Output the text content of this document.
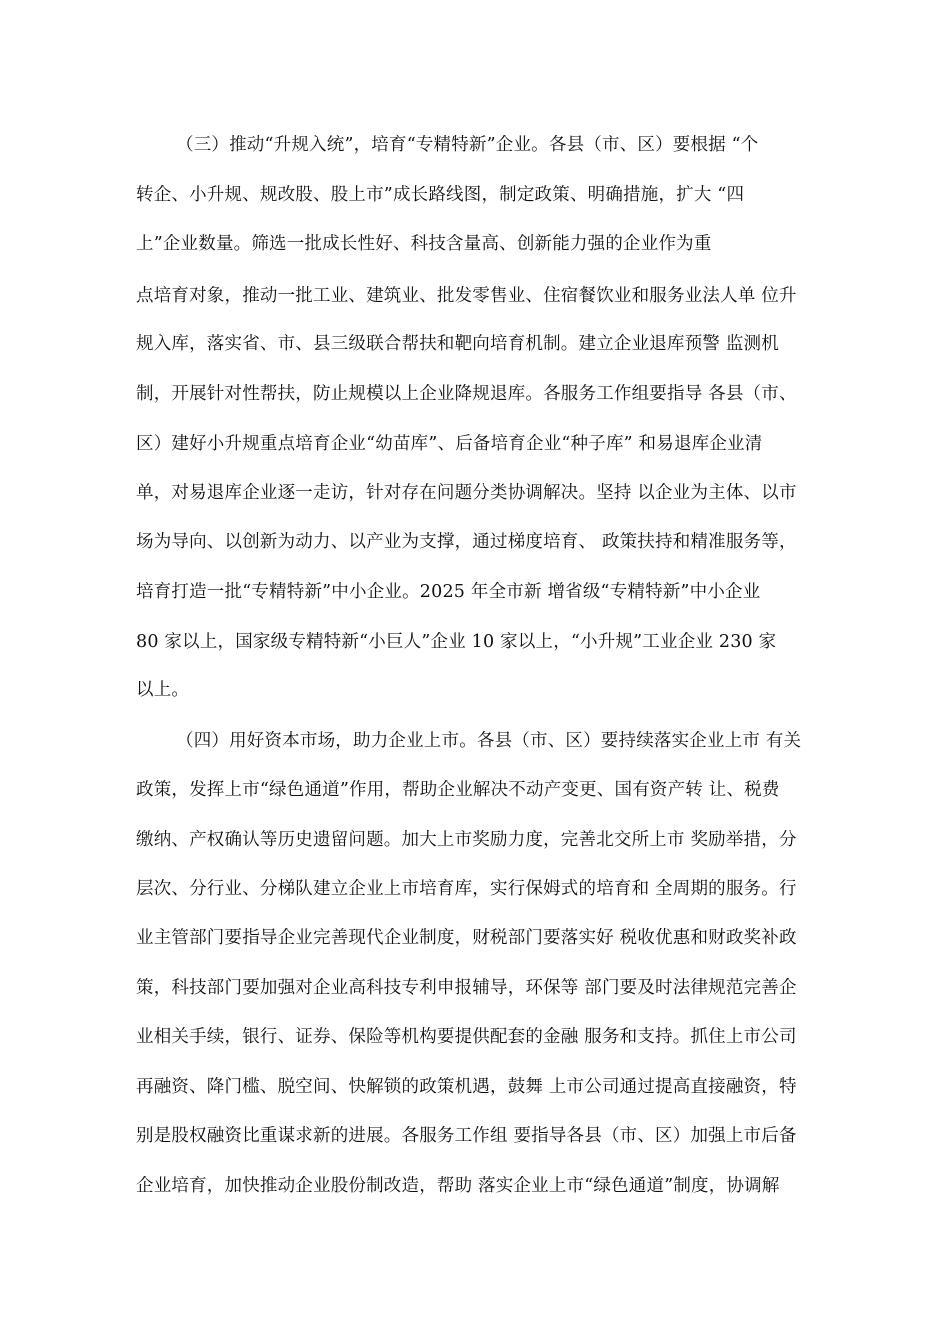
（三）推动“升规入统”，培育“专精特新”企业。各县（市、区）要根据 “个
转企、小升规、规改股、股上市”成长路线图，制定政策、明确措施，扩大 “四
上”企业数量。筛选一批成长性好、科技含量高、创新能力强的企业作为重
点培育对象，推动一批工业、建筑业、批发零售业、住宿餐饮业和服务业法人单 位升
规入库，落实省、市、县三级联合帮扶和靶向培育机制。建立企业退库预警 监测机
制，开展针对性帮扶，防止规模以上企业降规退库。各服务工作组要指导 各县（市、
区）建好小升规重点培育企业“幼苗库”、后备培育企业“种子库” 和易退库企业清
单，对易退库企业逐一走访，针对存在问题分类协调解决。坚持 以企业为主体、以市
场为导向、以创新为动力、以产业为支撑，通过梯度培育、 政策扶持和精准服务等，
培育打造一批“专精特新”中小企业。2025 年全市新 增省级“专精特新”中小企业
80 家以上，国家级专精特新“小巨人”企业 10 家以上，“小升规”工业企业 230 家
以上。
（四）用好资本市场，助力企业上市。各县（市、区）要持续落实企业上市 有关
政策，发挥上市“绿色通道”作用，帮助企业解决不动产变更、国有资产转 让、税费
缴纳、产权确认等历史遗留问题。加大上市奖励力度，完善北交所上市 奖励举措，分
层次、分行业、分梯队建立企业上市培育库，实行保姆式的培育和 全周期的服务。行
业主管部门要指导企业完善现代企业制度，财税部门要落实好 税收优惠和财政奖补政
策，科技部门要加强对企业高科技专利申报辅导，环保等 部门要及时法律规范完善企
业相关手续，银行、证券、保险等机构要提供配套的金融 服务和支持。抓住上市公司
再融资、降门槛、脱空间、快解锁的政策机遇，鼓舞 上市公司通过提高直接融资，特
别是股权融资比重谋求新的进展。各服务工作组 要指导各县（市、区）加强上市后备
企业培育，加快推动企业股份制改造，帮助 落实企业上市“绿色通道”制度，协调解
